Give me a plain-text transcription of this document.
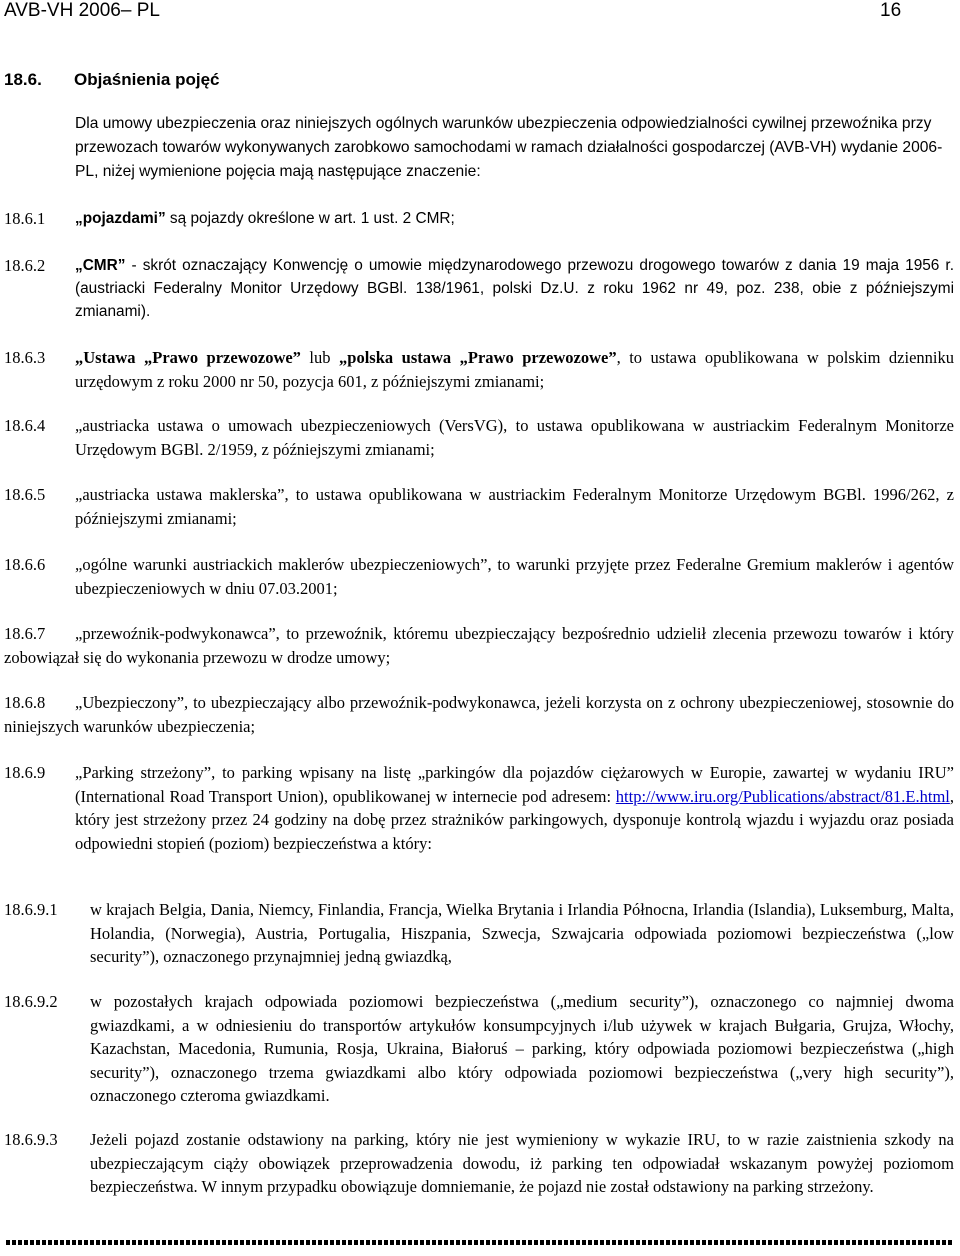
AVB-VH 2006– PL	16
18.6. Objaśnienia pojęć
Dla umowy ubezpieczenia oraz niniejszych ogólnych warunków ubezpieczenia odpowiedzialności cywilnej przewoźnika przy przewozach towarów wykonywanych zarobkowo samochodami w ramach działalności gospodarczej (AVB-VH) wydanie 2006-PL, niżej wymienione pojęcia mają następujące znaczenie:
18.6.1 „pojazdami” są pojazdy określone w art. 1 ust. 2 CMR;
18.6.2 „CMR” - skrót oznaczający Konwencję o umowie międzynarodowego przewozu drogowego towarów z dania 19 maja 1956 r. (austriacki Federalny Monitor Urzędowy BGBl. 138/1961, polski Dz.U. z roku 1962 nr 49, poz. 238, obie z późniejszymi zmianami).
18.6.3 „Ustawa „Prawo przewozowe” lub „polska ustawa „Prawo przewozowe”, to ustawa opublikowana w polskim dzienniku urzędowym z roku 2000 nr 50, pozycja 601, z późniejszymi zmianami;
18.6.4 „austriacka ustawa o umowach ubezpieczeniowych (VersVG), to ustawa opublikowana w austriackim Federalnym Monitorze Urzędowym BGBl. 2/1959, z późniejszymi zmianami;
18.6.5 „austriacka ustawa maklerska”, to ustawa opublikowana w austriackim Federalnym Monitorze Urzędowym BGBl. 1996/262, z późniejszymi zmianami;
18.6.6 „ogólne warunki austriackich maklerów ubezpieczeniowych”, to warunki przyjęte przez Federalne Gremium maklerów i agentów ubezpieczeniowych w dniu 07.03.2001;
18.6.7	„przewoźnik-podwykonawca”, to przewoźnik, któremu ubezpieczający bezpośrednio udzielił zlecenia przewozu towarów i który zobowiązał się do wykonania przewozu w drodze umowy;
18.6.8	„Ubezpieczony”, to ubezpieczający albo przewoźnik-podwykonawca, jeżeli korzysta on z ochrony ubezpieczeniowej, stosownie do niniejszych warunków ubezpieczenia;
18.6.9 „Parking strzeżony”, to parking wpisany na listę „parkingów dla pojazdów ciężarowych w Europie, zawartej w wydaniu IRU” (International Road Transport Union), opublikowanej w internecie pod adresem: http://www.iru.org/Publications/abstract/81.E.html, który jest strzeżony przez 24 godziny na dobę przez strażników parkingowych, dysponuje kontrolą wjazdu i wyjazdu oraz posiada odpowiedni stopień (poziom) bezpieczeństwa a który:
18.6.9.1 w krajach Belgia, Dania, Niemcy, Finlandia, Francja, Wielka Brytania i Irlandia Północna, Irlandia (Islandia), Luksemburg, Malta, Holandia, (Norwegia), Austria, Portugalia, Hiszpania, Szwecja, Szwajcaria odpowiada poziomowi bezpieczeństwa („low security”), oznaczonego przynajmniej jedną gwiazdką,
18.6.9.2 w pozostałych krajach odpowiada poziomowi bezpieczeństwa („medium security”), oznaczonego co najmniej dwoma gwiazdkami, a w odniesieniu do transportów artykułów konsumpcyjnych i/lub używek w krajach Bułgaria, Grujza, Włochy, Kazachstan, Macedonia, Rumunia, Rosja, Ukraina, Białoruś – parking, który odpowiada poziomowi bezpieczeństwa („high security”), oznaczonego trzema gwiazdkami albo który odpowiada poziomowi bezpieczeństwa („very high security”), oznaczonego czteroma gwiazdkami.
18.6.9.3 Jeżeli pojazd zostanie odstawiony na parking, który nie jest wymieniony w wykazie IRU, to w razie zaistnienia szkody na ubezpieczającym ciąży obowiązek przeprowadzenia dowodu, iż parking ten odpowiadał wskazanym powyżej poziomom bezpieczeństwa. W innym przypadku obowiązuje domniemanie, że pojazd nie został odstawiony na parking strzeżony.
